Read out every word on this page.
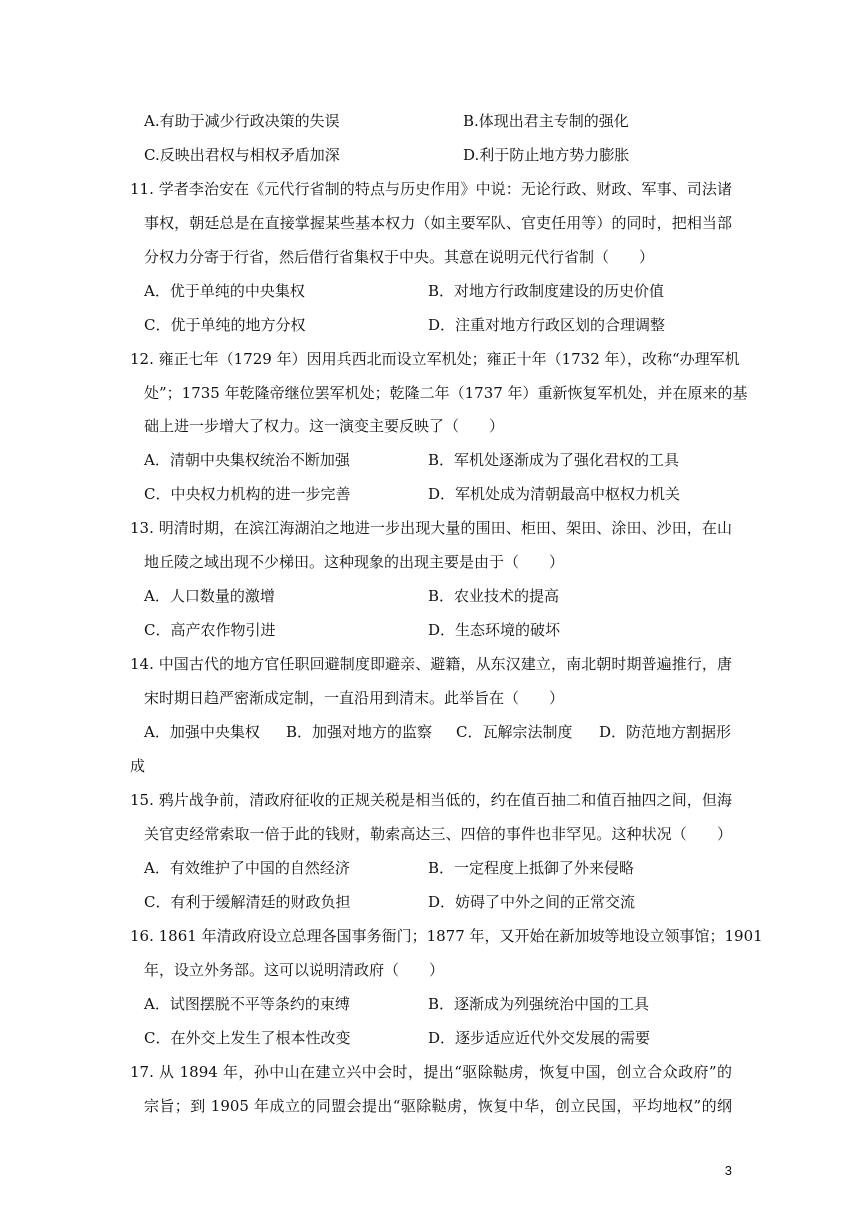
A.有助于减少行政决策的失误	B.体现出君主专制的强化
C.反映出君权与相权矛盾加深	D.利于防止地方势力膨胀
11. 学者李治安在《元代行省制的特点与历史作用》中说：无论行政、财政、军事、司法诸
事权，朝廷总是在直接掌握某些基本权力（如主要军队、官吏任用等）的同时，把相当部
分权力分寄于行省，然后借行省集权于中央。其意在说明元代行省制（　　）
A．优于单纯的中央集权	B．对地方行政制度建设的历史价值
C．优于单纯的地方分权	D．注重对地方行政区划的合理调整
12. 雍正七年（1729 年）因用兵西北而设立军机处；雍正十年（1732 年），改称“办理军机
处”；1735 年乾隆帝继位罢军机处；乾隆二年（1737 年）重新恢复军机处，并在原来的基
础上进一步增大了权力。这一演变主要反映了（　　）
A．清朝中央集权统治不断加强	B．军机处逐渐成为了强化君权的工具
C．中央权力机构的进一步完善	D．军机处成为清朝最高中枢权力机关
13. 明清时期，在滨江海湖泊之地进一步出现大量的围田、柜田、架田、涂田、沙田，在山
地丘陵之域出现不少梯田。这种现象的出现主要是由于（　　）
A．人口数量的激增	B．农业技术的提高
C．高产农作物引进	D．生态环境的破坏
14. 中国古代的地方官任职回避制度即避亲、避籍，从东汉建立，南北朝时期普遍推行，唐
宋时期日趋严密渐成定制，一直沿用到清末。此举旨在（　　）
A．加强中央集权 B．加强对地方的监察 C．瓦解宗法制度 D．防范地方割据形
成
15. 鸦片战争前，清政府征收的正规关税是相当低的，约在值百抽二和值百抽四之间，但海
关官吏经常索取一倍于此的钱财，勒索高达三、四倍的事件也非罕见。这种状况（　　）
A．有效维护了中国的自然经济	B．一定程度上抵御了外来侵略
C．有利于缓解清廷的财政负担	D．妨碍了中外之间的正常交流
16. 1861 年清政府设立总理各国事务衙门；1877 年，又开始在新加坡等地设立领事馆；1901
年，设立外务部。这可以说明清政府（　　）
A．试图摆脱不平等条约的束缚	B．逐渐成为列强统治中国的工具
C．在外交上发生了根本性改变	D．逐步适应近代外交发展的需要
17. 从 1894 年，孙中山在建立兴中会时，提出“驱除鞑虏，恢复中国，创立合众政府”的
宗旨；到 1905 年成立的同盟会提出“驱除鞑虏，恢复中华，创立民国，平均地权”的纲
3
